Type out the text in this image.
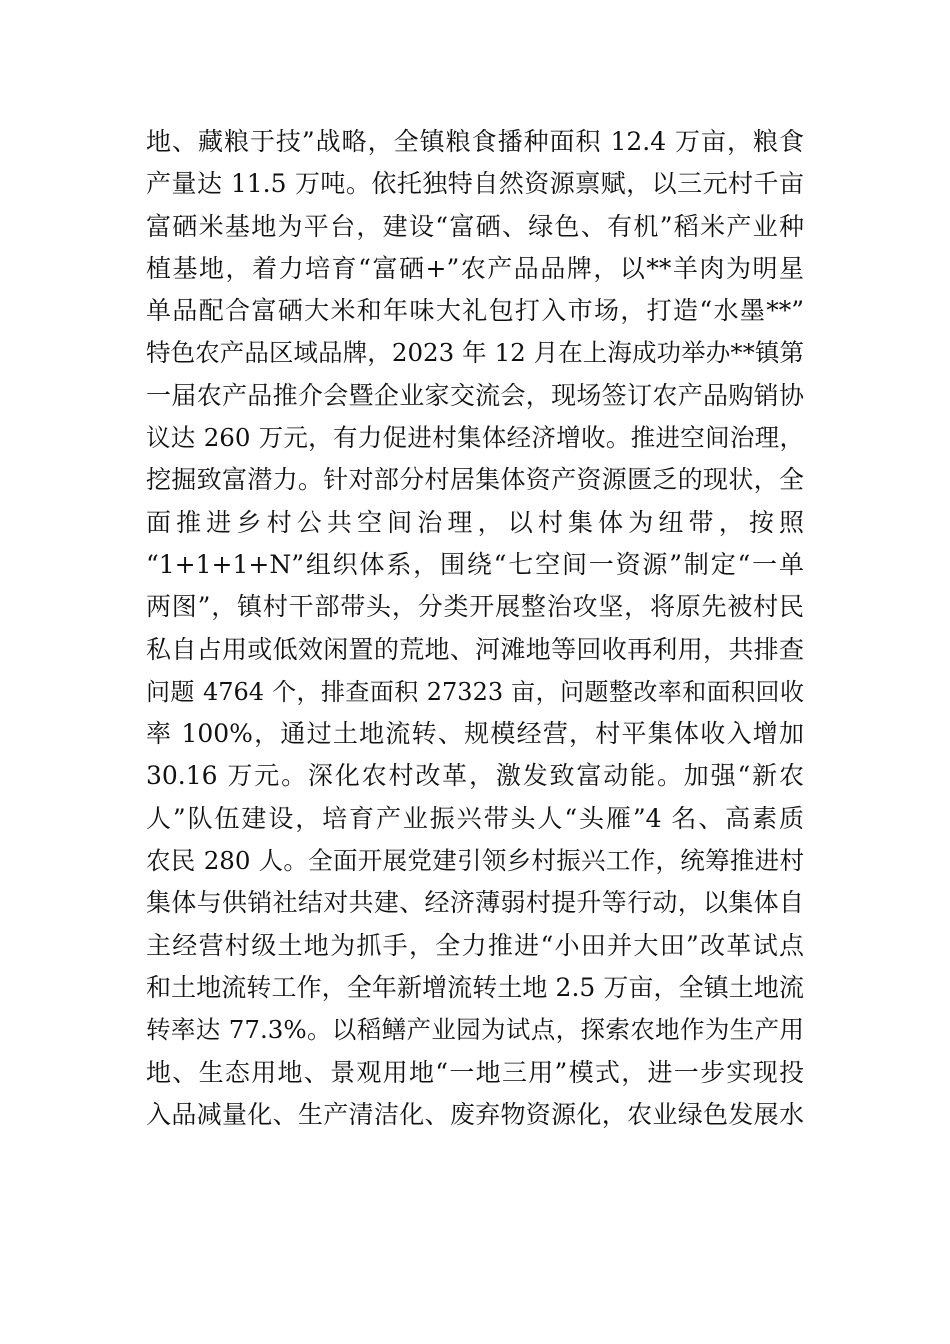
地、藏粮于技”战略，全镇粮食播种面积 12.4 万亩，粮食
产量达 11.5 万吨。依托独特自然资源禀赋，以三元村千亩
富硒米基地为平台，建设“富硒、绿色、有机”稻米产业种
植基地，着力培育“富硒+”农产品品牌，以**羊肉为明星
单品配合富硒大米和年味大礼包打入市场，打造“水墨**”
特色农产品区域品牌，2023 年 12 月在上海成功举办**镇第
一届农产品推介会暨企业家交流会，现场签订农产品购销协
议达 260 万元，有力促进村集体经济增收。推进空间治理，
挖掘致富潜力。针对部分村居集体资产资源匮乏的现状，全
面推进乡村公共空间治理，以村集体为纽带，按照
“1+1+1+N”组织体系，围绕“七空间一资源”制定“一单
两图”，镇村干部带头，分类开展整治攻坚，将原先被村民
私自占用或低效闲置的荒地、河滩地等回收再利用，共排查
问题 4764 个，排查面积 27323 亩，问题整改率和面积回收
率 100%，通过土地流转、规模经营，村平集体收入增加
30.16 万元。深化农村改革，激发致富动能。加强“新农
人”队伍建设，培育产业振兴带头人“头雁”4 名、高素质
农民 280 人。全面开展党建引领乡村振兴工作，统筹推进村
集体与供销社结对共建、经济薄弱村提升等行动，以集体自
主经营村级土地为抓手，全力推进“小田并大田”改革试点
和土地流转工作，全年新增流转土地 2.5 万亩，全镇土地流
转率达 77.3%。以稻鳝产业园为试点，探索农地作为生产用
地、生态用地、景观用地“一地三用”模式，进一步实现投
入品减量化、生产清洁化、废弃物资源化，农业绿色发展水
